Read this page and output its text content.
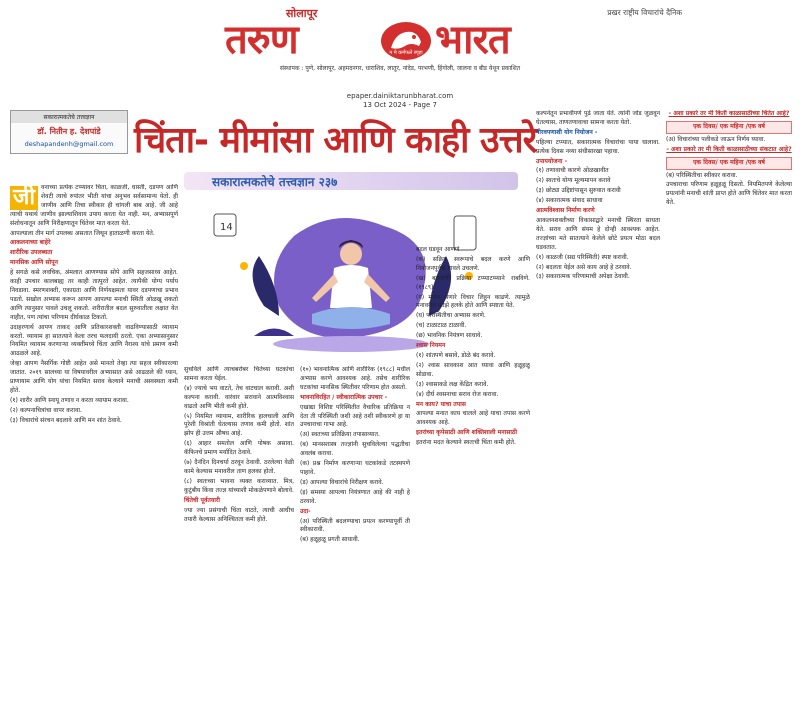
सोलापूर	प्रखर राष्ट्रीय विचारांचे दैनिक
तरुण	न मे कर्मफले स्पृहा भारत
संस्थापक : पुणे, सोलापूर, अहमदनगर, धाराशिव, लातूर, नांदेड, परभणी, हिंगोली, जालना व बीड येथून प्रकाशित
epaper.dainiktarunbharat.com
13 Oct 2024 - Page 7
सकारात्मकतेचे तत्त्वज्ञान
डॉ. नितीन ह. देशपांडे
deshapandenh@gmail.com चिंता- मीमांसा आणि काही उत्तरे
सकारात्मकतेचे तत्त्वज्ञान २३७
14

जी वनाच्या प्रत्येक टप्प्यावर चिंता, काळजी, धास्ती, दडपण आणि शेवटी त्याचे रुपांतर भीती यांचा अनुभव सर्वसामान्य येतो. ही जाणीव आणि तिचा स्वीकार ही चांगली बाब आहे. जी आहे त्याची यथार्थ जाणीव झाल्याशिवाय उपाय करता येत नाही. मन, अभ्यासपूर्ण संशोधनातून आणि निरीक्षणातून चिंतेवर मात करता येते.

आपल्याला तीन मार्ग उपलब्ध असतात जिथून हाताळणी करता येते.

आकलनाच्या बाहेरे

शारीरिक उपलब्धता

मानसिक आणि सोपून

हे सगळे कसे लवचिक, अंमलात आणण्यास सोपे आणि सहजसाध्य आहेत. काही उपचार कालबाह्य तर काही तात्पुरते आहेत. त्यापैकी योग्य पर्याय निवडावा. स्मरणशक्ती, एकाग्रता आणि निर्णयक्षमता यावर दडपणाचा प्रभाव पडतो. सखोल अभ्यास करून आपण आपल्या मनाची स्थिती ओळखू शकतो आणि त्यानुसार पावले उचलू शकतो. शरीरातील बदल सुरुवातीला लक्षात येत नाहीत, पण त्यांचा परिणाम दीर्घकाळ टिकतो.

उदाहरणार्थ आपण ताकद आणि प्रतिकारशक्ती वाढविण्यासाठी व्यायाम करतो. व्यायाम हा सातत्याने केला तरच फलदायी ठरतो. एका अभ्यासानुसार नियमित व्यायाम करणाऱ्या व्यक्तींमध्ये चिंता आणि नैराश्य यांचे प्रमाण कमी आढळले आहे.

जेव्हा आपण नैसर्गिक गोष्टी आहेत असे मानतो तेव्हा त्या सहज स्वीकारल्या जातात. २०१९ सालच्या या विषयावरील अभ्यासात असे आढळले की ध्यान, प्राणायाम आणि योग यांचा नियमित सराव केल्याने मनाची अस्वस्थता कमी होते.

(१) शारीर आणि स्नायू तणाव न करता व्यायाम करावा.

(२) कल्पनाचित्रांचा वापर करावा.

(३) विचारांचे संरचन बदलावे आणि मन शांत ठेवावे.

सुचविले आणि त्याचबरोबर चिंतेच्या घटकांचा सामना करता येईल.

(४) ज्याचे भय वाटते, तेच वाटचाल करावी. अशी कल्पना करावी. वारंवार सरावाने आत्मविश्वास वाढतो आणि भीती कमी होते.

(५) नियमित व्यायाम, शारीरिक हालचाली आणि पुरेशी विश्रांती घेतल्यास तणाव कमी होतो. शांत झोप ही उत्तम औषध आहे.

(६) आहार समतोल आणि पोषक असावा. कॅफिनचे प्रमाण मर्यादित ठेवावे.

(७) दैनंदिन दिनचर्या ठरवून ठेवावी. ठरलेल्या वेळी कामे केल्यास मनावरील ताण हलका होतो.

(८) स्वतःच्या भावना व्यक्त कराव्यात. मित्र, कुटुंबीय किंवा तज्ज्ञ यांच्याशी मोकळेपणाने बोलावे.

चिंतेची पूर्वतयारी

ज्या ज्या प्रसंगाची चिंता वाटते, त्याची आधीच तयारी केल्यास अनिश्चितता कमी होते.

(१०) भावनात्मिक आणि शारीरिक (१९८८) मधील अभ्यास करणे आवश्यक आहे. तसेच शारीरिक घटकांचा मानसिक स्थितीवर परिणाम होत असतो.

भावनाविरहित / स्वीकारात्मिक उपचार -

एखाद्या विशिष्ट परिस्थितीत वैचारिक प्रतिक्रिया न देता ती परिस्थिती जशी आहे तशी स्वीकारणे हा या उपचाराचा गाभा आहे.

(अ) स्वतःच्या प्रतिक्रिया तपासाव्यात.

(ब) मानसशास्त्र तज्ज्ञांनी सुचविलेल्या पद्धतीचा अवलंब करावा.

(क) प्रश्न निर्माण करणाऱ्या घटकांकडे तटस्थपणे पाहावे.

(ड) आपल्या विचारांचे निरीक्षण करावे.

(इ) समस्या आपल्या नियंत्रणात आहे की नाही हे ठरवावे.

उदा-

(अ) परिस्थिती बदलण्याचा प्रयत्न करण्यापूर्वी ती स्वीकारावी.

(ब) हळूहळू प्रगती साधावी.

बदल घडवून आणणे

(क) सक्रिय स्वरूपाचे बदल करणे आणि नियोजनपूर्वक पावले उचलणे.

(ख) बदलाची प्रक्रिया टप्प्याटप्प्याने राबविणे. (१९८९)

(ग) मनात येणारे विचार लिहून काढणे. त्यामुळे मनावरील ओझे हलके होते आणि स्पष्टता येते.

(घ) परिस्थितीचा अभ्यास करणे.

(च) टाळाटाळ टाळावी.

(छ) भावनिक नियंत्रण साधावे.

श्वास नियमन

(१) शांतपणे बसावे, डोळे बंद करावे.

(२) श्वास सावकाश आत घ्यावा आणि हळूहळू सोडावा.

(३) श्वासाकडे लक्ष केंद्रित करावे.

(४) दीर्घ श्वसनाचा सराव रोज करावा.

मन काय? याचा तपास

आपल्या मनात काय चालले आहे याचा तपास करणे आवश्यक आहे.

इतरांच्या कृपेसाठी आणि शक्तिशाली मनासाठी

इतरांना मदत केल्याने स्वतःची चिंता कमी होते.

कल्पनेतून प्रभावीपणे पुढे जाता येते. त्यांनी जोड जुळवून घेतल्यास, ताणतणावाचा सामना करता येतो.

नीरवपणाशी योग नियोजन -

पहिल्या टप्प्यात, सकारात्मक विचारांचा पाया घालावा. प्रत्येक दिवस नव्या संधीसारखा पहावा.

उपाययोजना -

(१) तणावाची कारणे ओळखावीत

(२) स्वतःचे योग्य मूल्यमापन करावे

(३) छोट्या उद्दिष्टांपासून सुरुवात करावी

(४) सकारात्मक संवाद साधावा

आत्मविश्वास निर्माण करणे

आकलनशक्तीच्या विकासाद्वारे मनाची स्थिरता साधता येते. सराव आणि संयम हे दोन्ही आवश्यक आहेत. तज्ज्ञांच्या मते सातत्याने केलेले छोटे प्रयत्न मोठा बदल घडवतात.

(१) काळजी (सद्य परिस्थिती) स्पष्ट करावी.

(२) बदलता येईल असे काय आहे हे ठरवावे.

(३) सकारात्मक परिणामाची अपेक्षा ठेवावी.

- अशा प्रकारे तर मी किती काळासाठीच्या चिंतेत आहे?

एक दिवस/ एक महिना /एक वर्ष

(अ) विचारांच्या पलीकडे जाऊन निर्णय घ्यावा.

- अशा प्रकारे तर मी किती काळासाठीच्या संकटात आहे?

एक दिवस/ एक महिना /एक वर्ष

(ब) परिस्थितीचा स्वीकार करावा.

उपचाराचा परिणाम हळूहळू दिसतो. नियमितपणे केलेल्या प्रयत्नांनी मनाची शांती प्राप्त होते आणि चिंतेवर मात करता येते.
